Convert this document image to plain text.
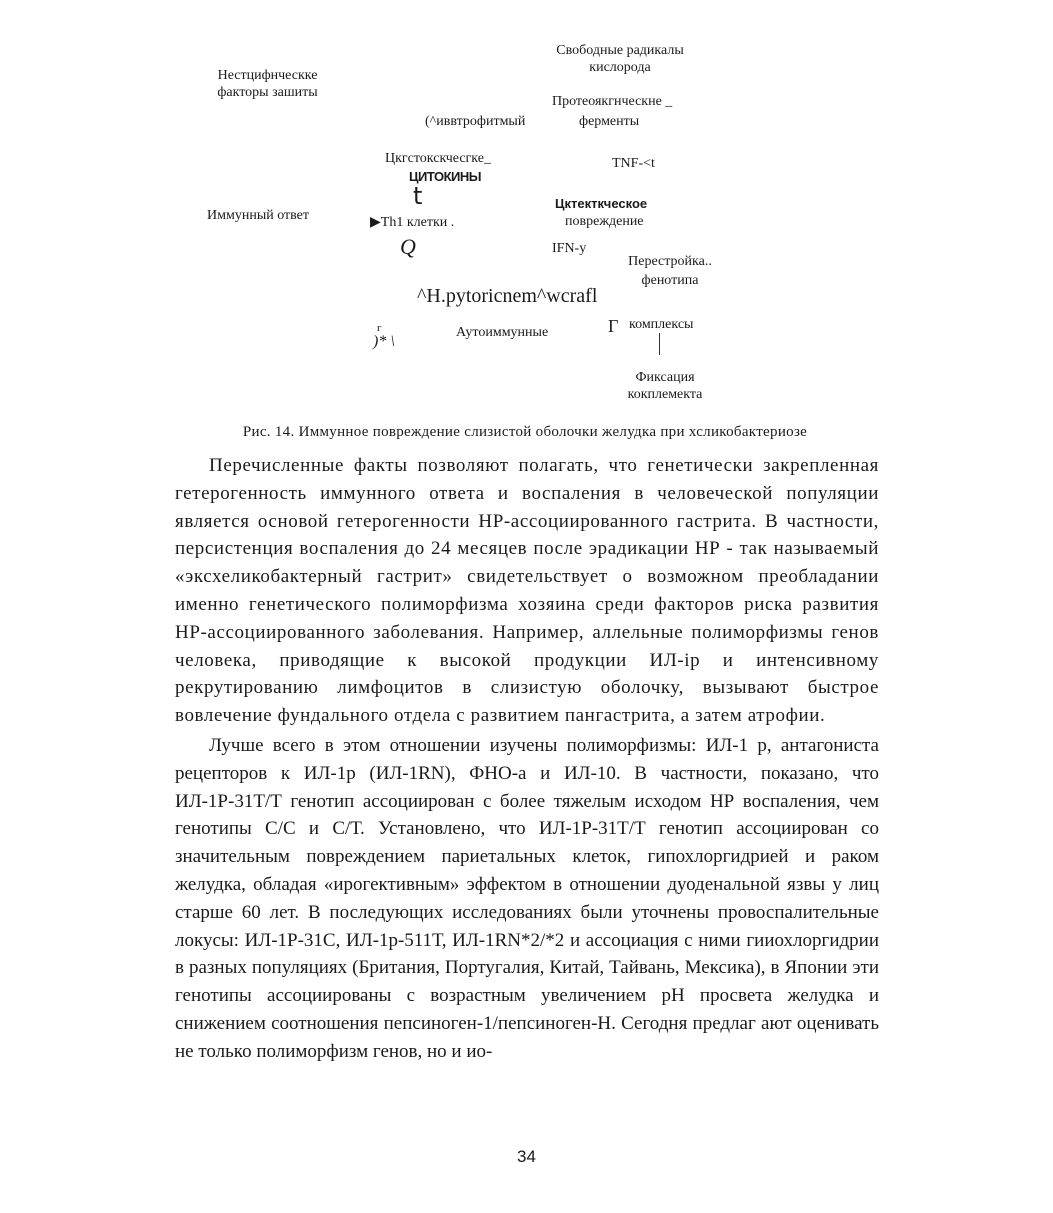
Свободные радикалы
кислорода
Нестцифнческке
факторы зашиты
Протеоякгнческне _
ферменты
(^иввтрофитмый
Цкгстокскчесгке_
ЦИТОКИНЫ
TNF-<t
t
Иммунный ответ	▶Th1 клетки .
Цктекткческое
повреждение
Q	IFN-у
Перестройка..
фенотипа
^H.pytoricnem^wcrafl
г
)* \
Аутоиммунные	Г комплексы
Фиксация
кокплемекта
Рис. 14. Иммунное повреждение слизистой оболочки желудка при хсликобактериозе

Перечисленные факты позволяют полагать, что генетически закрепленная гетерогенность иммунного ответа и воспаления в человеческой популяции является основой гетерогенности НР-ассоциированного гастрита. В частности, персистенция воспаления до 24 месяцев после эрадикации НР - так называемый «эксхеликобактерный гастрит» свидетельствует о возможном преобладании именно генетического полиморфизма хозяина среди факторов риска развития НР-ассоциированного заболевания. Например, аллельные полиморфизмы генов человека, приводящие к высокой продукции ИЛ-ip и интенсивному рекрутированию лимфоцитов в слизистую оболочку, вызывают быстрое вовлечение фундального отдела с развитием пангастрита, а затем атрофии.

Лучше всего в этом отношении изучены полиморфизмы: ИЛ-1 р, антагониста рецепторов к ИЛ-1р (ИЛ-1RN), ФНО-а и ИЛ-10. В частности, показано, что ИЛ-1Р-31Т/Т генотип ассоциирован с более тяжелым исходом НР воспаления, чем генотипы С/С и С/Т. Установлено, что ИЛ-1Р-31Т/Т генотип ассоциирован со значительным повреждением париетальных клеток, гипохлоргидрией и раком желудка, обладая «ирогективным» эффектом в отношении дуоденальной язвы у лиц старше 60 лет. В последующих исследованиях были уточнены провоспалительные локусы: ИЛ-1Р-31С, ИЛ-1р-511Т, ИЛ-1RN*2/*2 и ассоциация с ними гииохлоргидрии в разных популяциях (Британия, Португалия, Китай, Тайвань, Мексика), в Японии эти генотипы ассоциированы с возрастным увеличением рН просвета желудка и снижением соотношения пепсиноген-1/пепсиноген-Н. Сегодня предлаг ают оценивать не только полиморфизм генов, но и ио-

34
